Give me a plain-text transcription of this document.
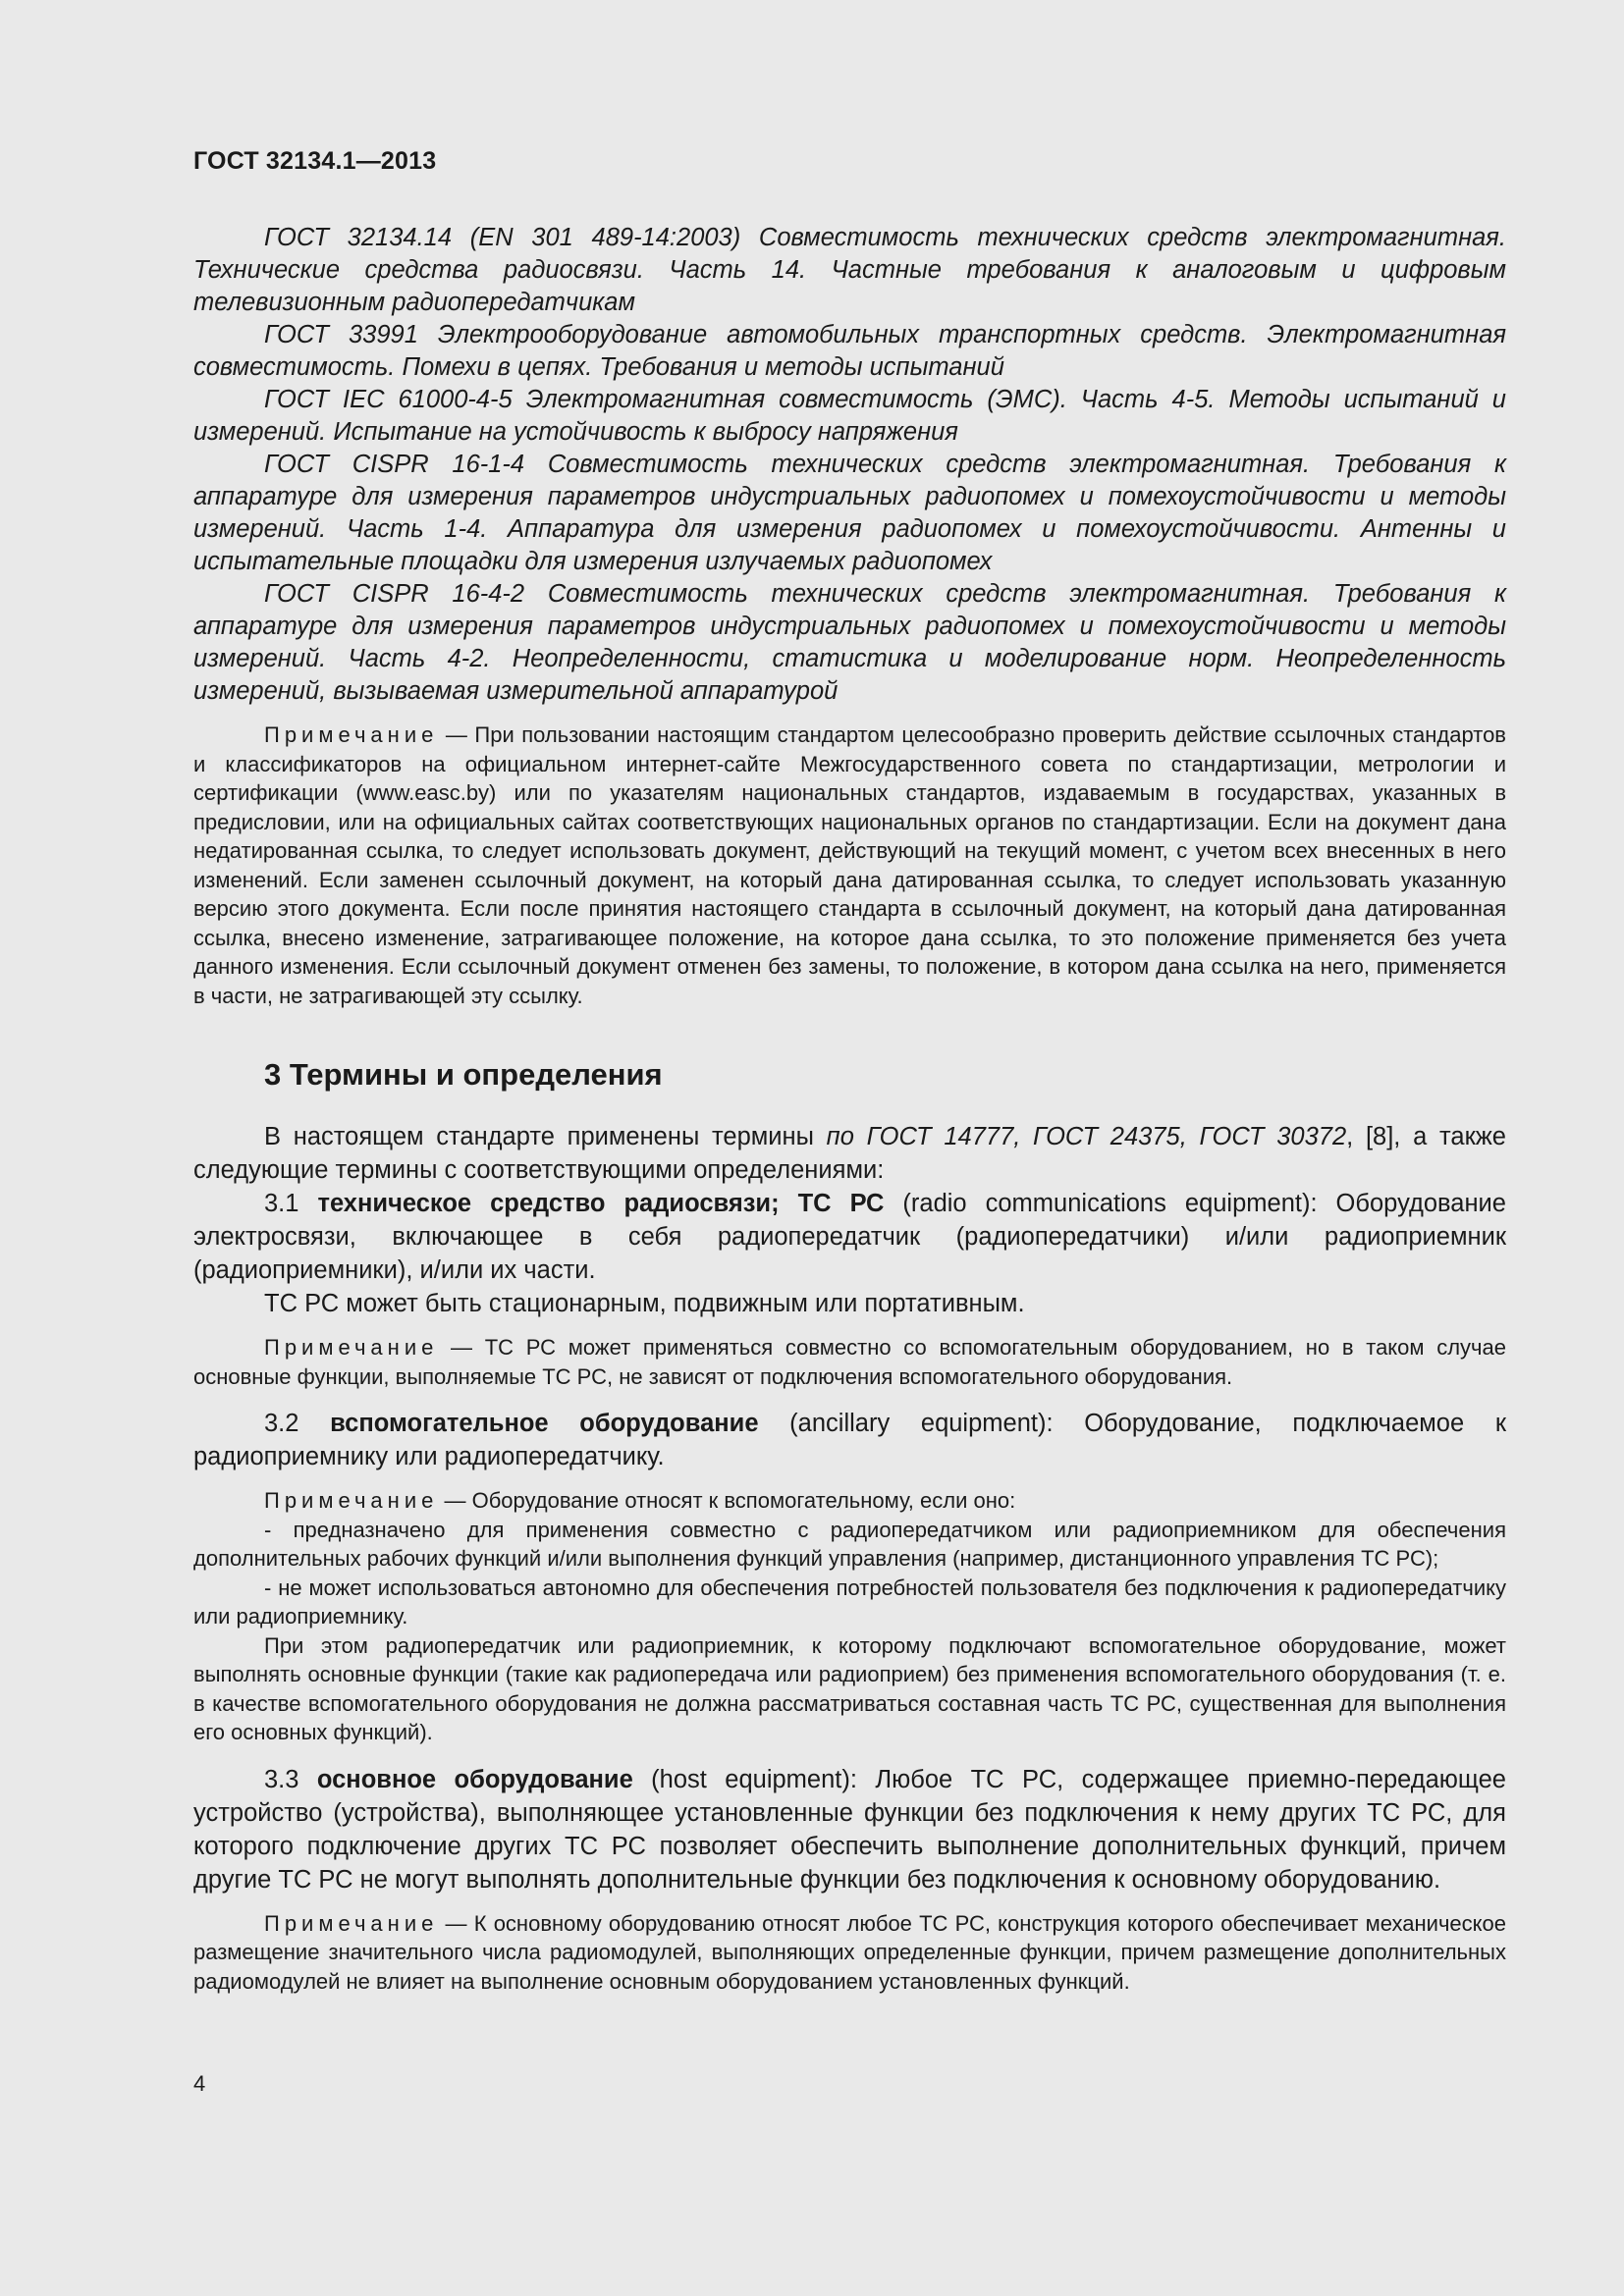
ГОСТ 32134.1—2013

ГОСТ 32134.14 (EN 301 489-14:2003) Совместимость технических средств электромагнитная. Технические средства радиосвязи. Часть 14. Частные требования к аналоговым и цифровым телевизионным радиопередатчикам

ГОСТ 33991 Электрооборудование автомобильных транспортных средств. Электромагнитная совместимость. Помехи в цепях. Требования и методы испытаний

ГОСТ IEC 61000-4-5 Электромагнитная совместимость (ЭМС). Часть 4-5. Методы испытаний и измерений. Испытание на устойчивость к выбросу напряжения

ГОСТ CISPR 16-1-4 Совместимость технических средств электромагнитная. Требования к аппаратуре для измерения параметров индустриальных радиопомех и помехоустойчивости и методы измерений. Часть 1-4. Аппаратура для измерения радиопомех и помехоустойчивости. Антенны и испытательные площадки для измерения излучаемых радиопомех

ГОСТ CISPR 16-4-2 Совместимость технических средств электромагнитная. Требования к аппаратуре для измерения параметров индустриальных радиопомех и помехоустойчивости и методы измерений. Часть 4-2. Неопределенности, статистика и моделирование норм. Неопределенность измерений, вызываемая измерительной аппаратурой

Примечание — При пользовании настоящим стандартом целесообразно проверить действие ссылочных стандартов и классификаторов на официальном интернет-сайте Межгосударственного совета по стандартизации, метрологии и сертификации (www.easc.by) или по указателям национальных стандартов, издаваемым в государствах, указанных в предисловии, или на официальных сайтах соответствующих национальных органов по стандартизации. Если на документ дана недатированная ссылка, то следует использовать документ, действующий на текущий момент, с учетом всех внесенных в него изменений. Если заменен ссылочный документ, на который дана датированная ссылка, то следует использовать указанную версию этого документа. Если после принятия настоящего стандарта в ссылочный документ, на который дана датированная ссылка, внесено изменение, затрагивающее положение, на которое дана ссылка, то это положение применяется без учета данного изменения. Если ссылочный документ отменен без замены, то положение, в котором дана ссылка на него, применяется в части, не затрагивающей эту ссылку.

3 Термины и определения

В настоящем стандарте применены термины по ГОСТ 14777, ГОСТ 24375, ГОСТ 30372, [8], а также следующие термины с соответствующими определениями:

3.1 техническое средство радиосвязи; ТС РС (radio communications equipment): Оборудование электросвязи, включающее в себя радиопередатчик (радиопередатчики) и/или радиоприемник (радиоприемники), и/или их части.

ТС РС может быть стационарным, подвижным или портативным.

Примечание — ТС РС может применяться совместно со вспомогательным оборудованием, но в таком случае основные функции, выполняемые ТС РС, не зависят от подключения вспомогательного оборудования.

3.2 вспомогательное оборудование (ancillary equipment): Оборудование, подключаемое к радиоприемнику или радиопередатчику.

Примечание — Оборудование относят к вспомогательному, если оно:

- предназначено для применения совместно с радиопередатчиком или радиоприемником для обеспечения дополнительных рабочих функций и/или выполнения функций управления (например, дистанционного управления ТС РС);

- не может использоваться автономно для обеспечения потребностей пользователя без подключения к радиопередатчику или радиоприемнику.

При этом радиопередатчик или радиоприемник, к которому подключают вспомогательное оборудование, может выполнять основные функции (такие как радиопередача или радиоприем) без применения вспомогательного оборудования (т. е. в качестве вспомогательного оборудования не должна рассматриваться составная часть ТС РС, существенная для выполнения его основных функций).

3.3 основное оборудование (host equipment): Любое ТС РС, содержащее приемно-передающее устройство (устройства), выполняющее установленные функции без подключения к нему других ТС РС, для которого подключение других ТС РС позволяет обеспечить выполнение дополнительных функций, причем другие ТС РС не могут выполнять дополнительные функции без подключения к основному оборудованию.

Примечание — К основному оборудованию относят любое ТС РС, конструкция которого обеспечивает механическое размещение значительного числа радиомодулей, выполняющих определенные функции, причем размещение дополнительных радиомодулей не влияет на выполнение основным оборудованием установленных функций.

4
